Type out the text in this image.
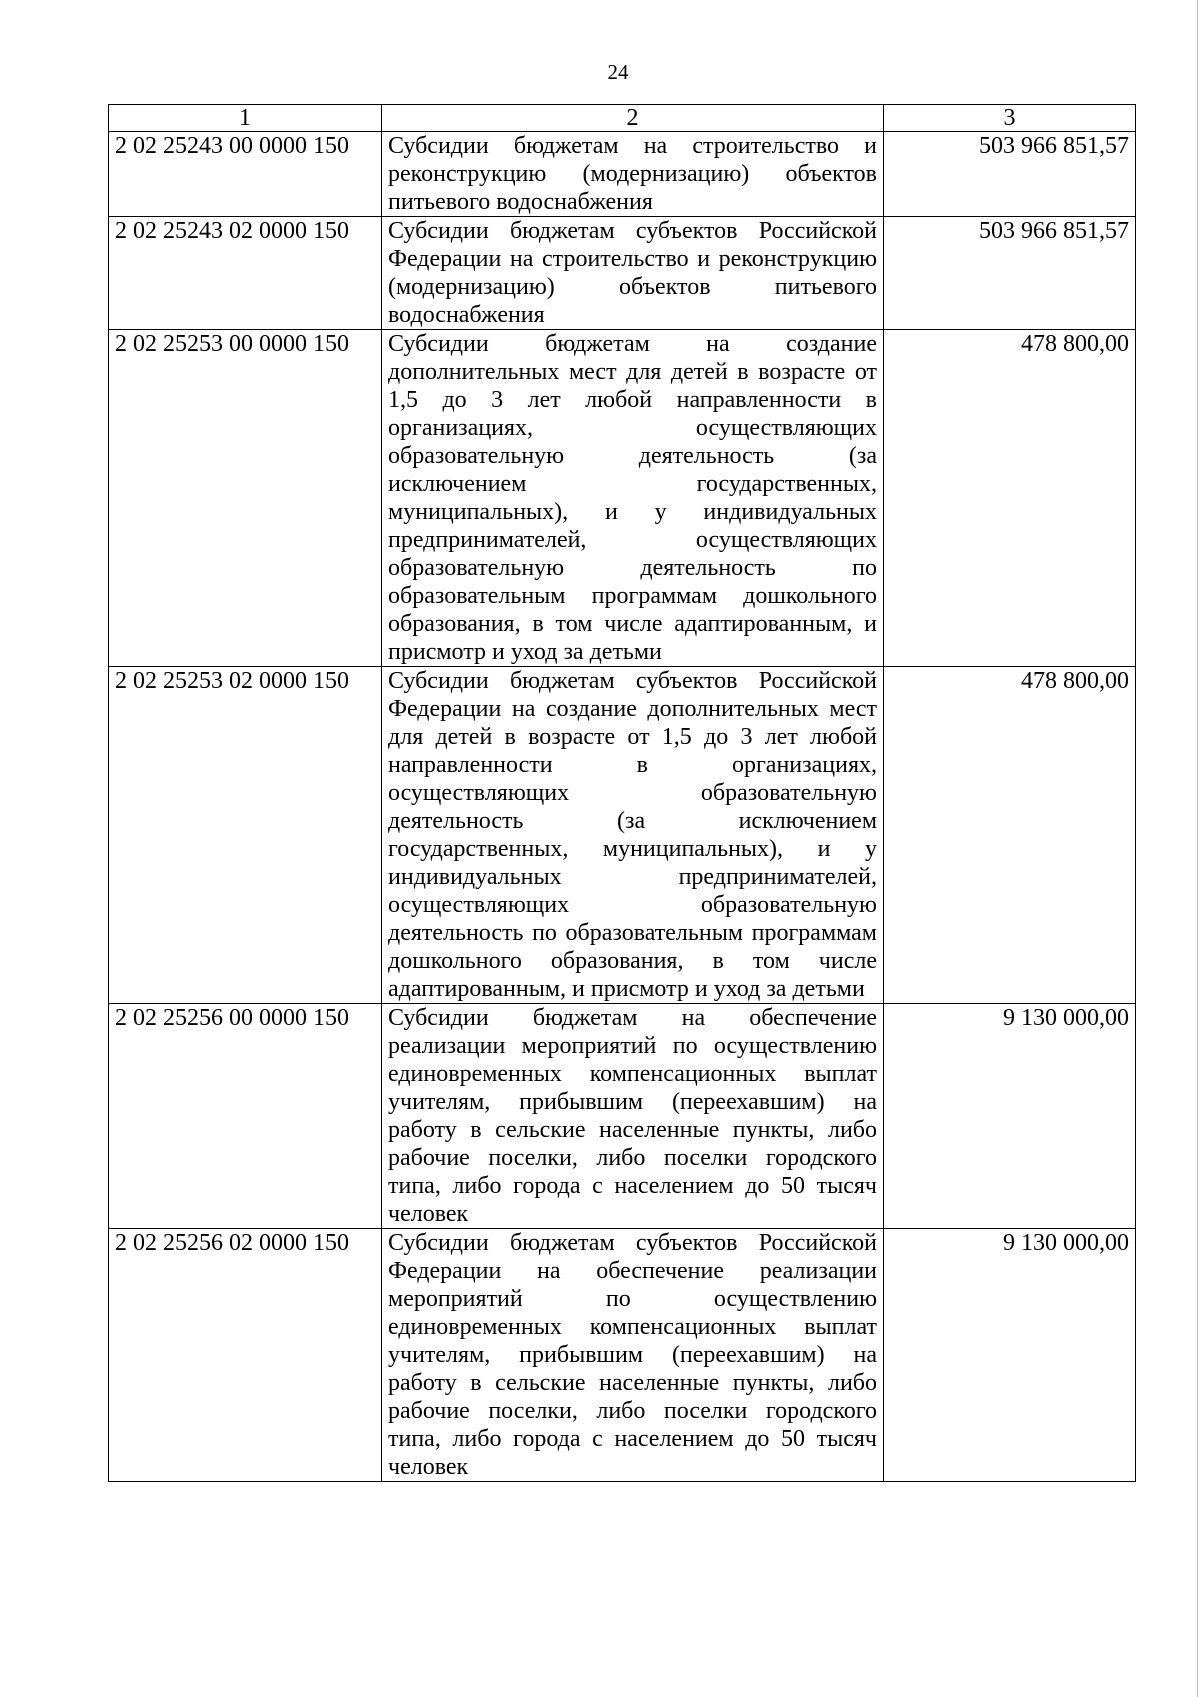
24
1	2	3
2 02 25243 00 0000 150	Субсидии бюджетам на строительство и реконструкцию (модернизацию) объектов питьевого водоснабжения	503 966 851,57
2 02 25243 02 0000 150	Субсидии бюджетам субъектов Российской Федерации на строительство и реконструкцию (модернизацию) объектов питьевого водоснабжения	503 966 851,57
2 02 25253 00 0000 150	Субсидии бюджетам на создание дополнительных мест для детей в возрасте от 1,5 до 3 лет любой направленности в организациях, осуществляющих образовательную деятельность (за исключением государственных, муниципальных), и у индивидуальных предпринимателей, осуществляющих образовательную деятельность по образовательным программам дошкольного образования, в том числе адаптированным, и присмотр и уход за детьми	478 800,00
2 02 25253 02 0000 150	Субсидии бюджетам субъектов Российской Федерации на создание дополнительных мест для детей в возрасте от 1,5 до 3 лет любой направленности в организациях, осуществляющих образовательную деятельность (за исключением государственных, муниципальных), и у индивидуальных предпринимателей, осуществляющих образовательную деятельность по образовательным программам дошкольного образования, в том числе адаптированным, и присмотр и уход за детьми	478 800,00
2 02 25256 00 0000 150	Субсидии бюджетам на обеспечение реализации мероприятий по осуществлению единовременных компенсационных выплат учителям, прибывшим (переехавшим) на работу в сельские населенные пункты, либо рабочие поселки, либо поселки городского типа, либо города с населением до 50 тысяч человек	9 130 000,00
2 02 25256 02 0000 150	Субсидии бюджетам субъектов Российской Федерации на обеспечение реализации мероприятий по осуществлению единовременных компенсационных выплат учителям, прибывшим (переехавшим) на работу в сельские населенные пункты, либо рабочие поселки, либо поселки городского типа, либо города с населением до 50 тысяч человек	9 130 000,00
